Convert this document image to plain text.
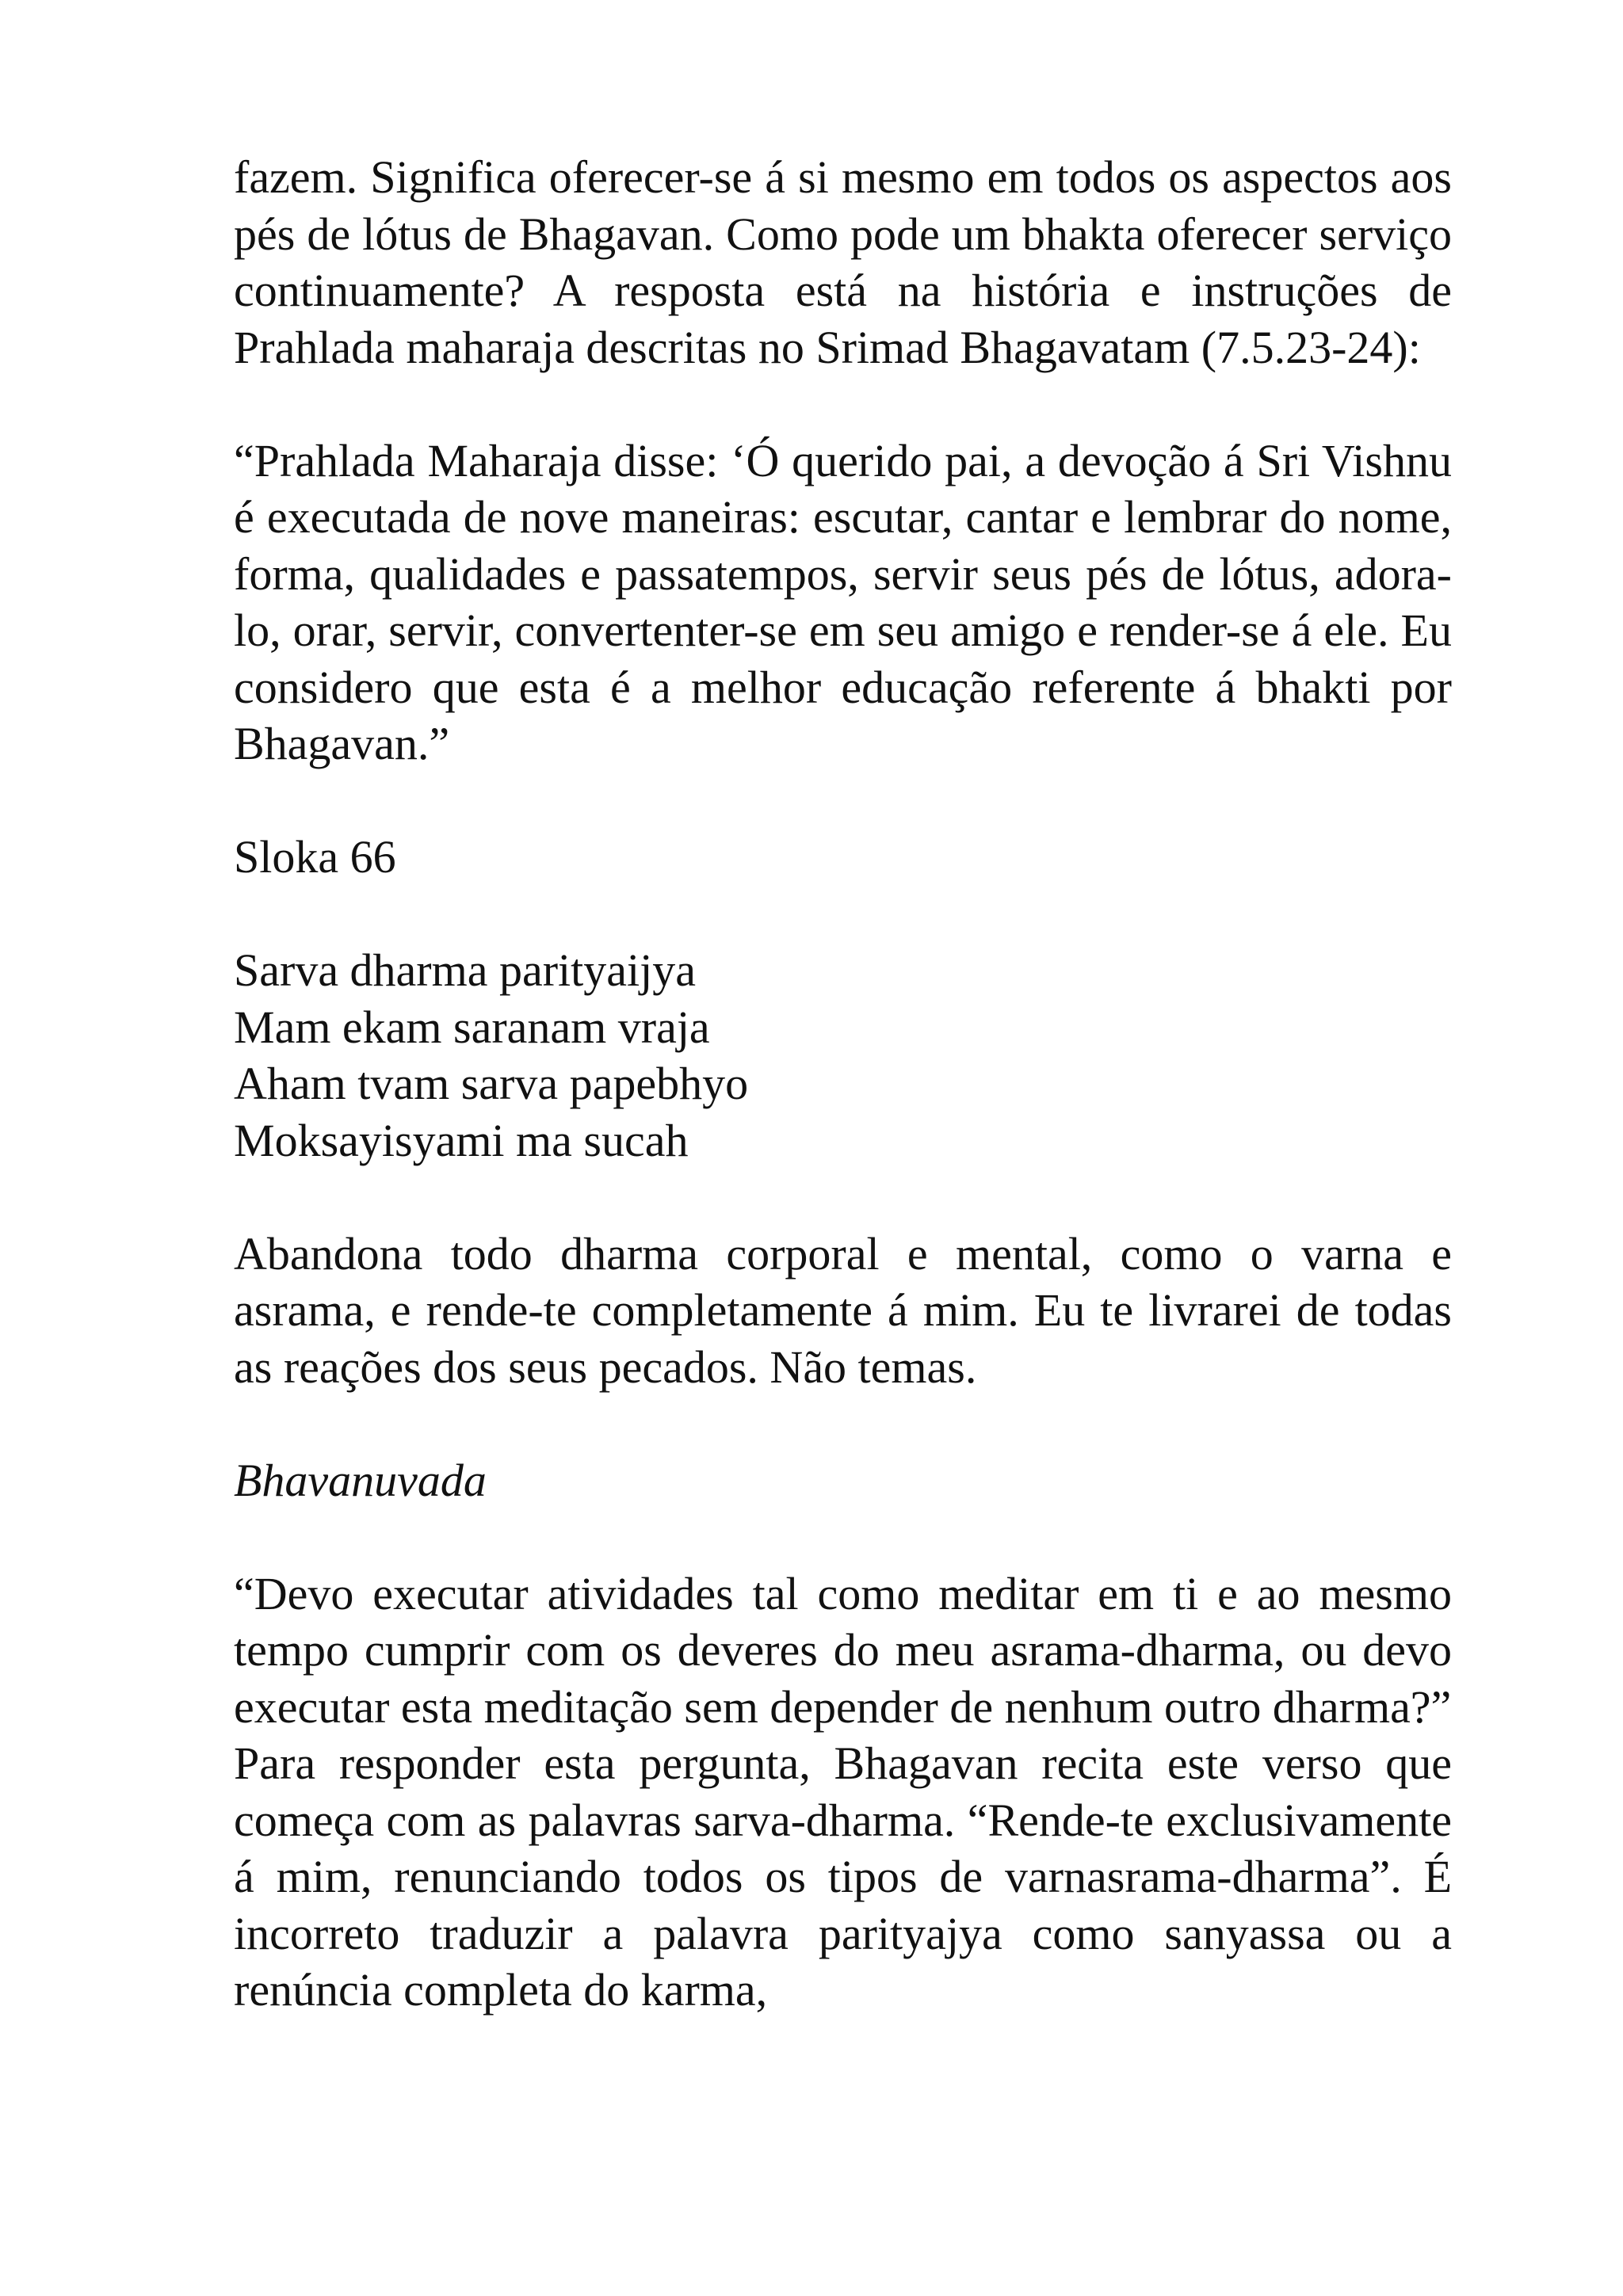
fazem. Significa oferecer-se á si mesmo em todos os aspectos aos pés de lótus de Bhagavan. Como pode um bhakta oferecer serviço continuamente? A resposta está na história e instruções de Prahlada maharaja descritas no Srimad Bhagavatam (7.5.23-24):

“Prahlada Maharaja disse: ‘Ó querido pai, a devoção á Sri Vishnu é executada de nove maneiras: escutar, cantar e lembrar do nome, forma, qualidades e passatempos, servir seus pés de lótus, adora-lo, orar, servir, convertenter-se em seu amigo e render-se á ele. Eu considero que esta é a melhor educação referente á bhakti por Bhagavan.”

Sloka 66

Sarva dharma parityaijya
Mam ekam saranam vraja
Aham tvam sarva papebhyo
Moksayisyami ma sucah

Abandona todo dharma corporal e mental, como o varna e asrama, e rende-te completamente á mim. Eu te livrarei de todas as reações dos seus pecados. Não temas.

Bhavanuvada

“Devo executar atividades tal como meditar em ti e ao mesmo tempo cumprir com os deveres do meu asrama-dharma, ou devo executar esta meditação sem depender de nenhum outro dharma?”

Para responder esta pergunta, Bhagavan recita este verso que começa com as palavras sarva-dharma. “Rende-te exclusivamente á mim, renunciando todos os tipos de varnasrama-dharma”. É incorreto traduzir a palavra parityajya como sanyassa ou a renúncia completa do karma,
